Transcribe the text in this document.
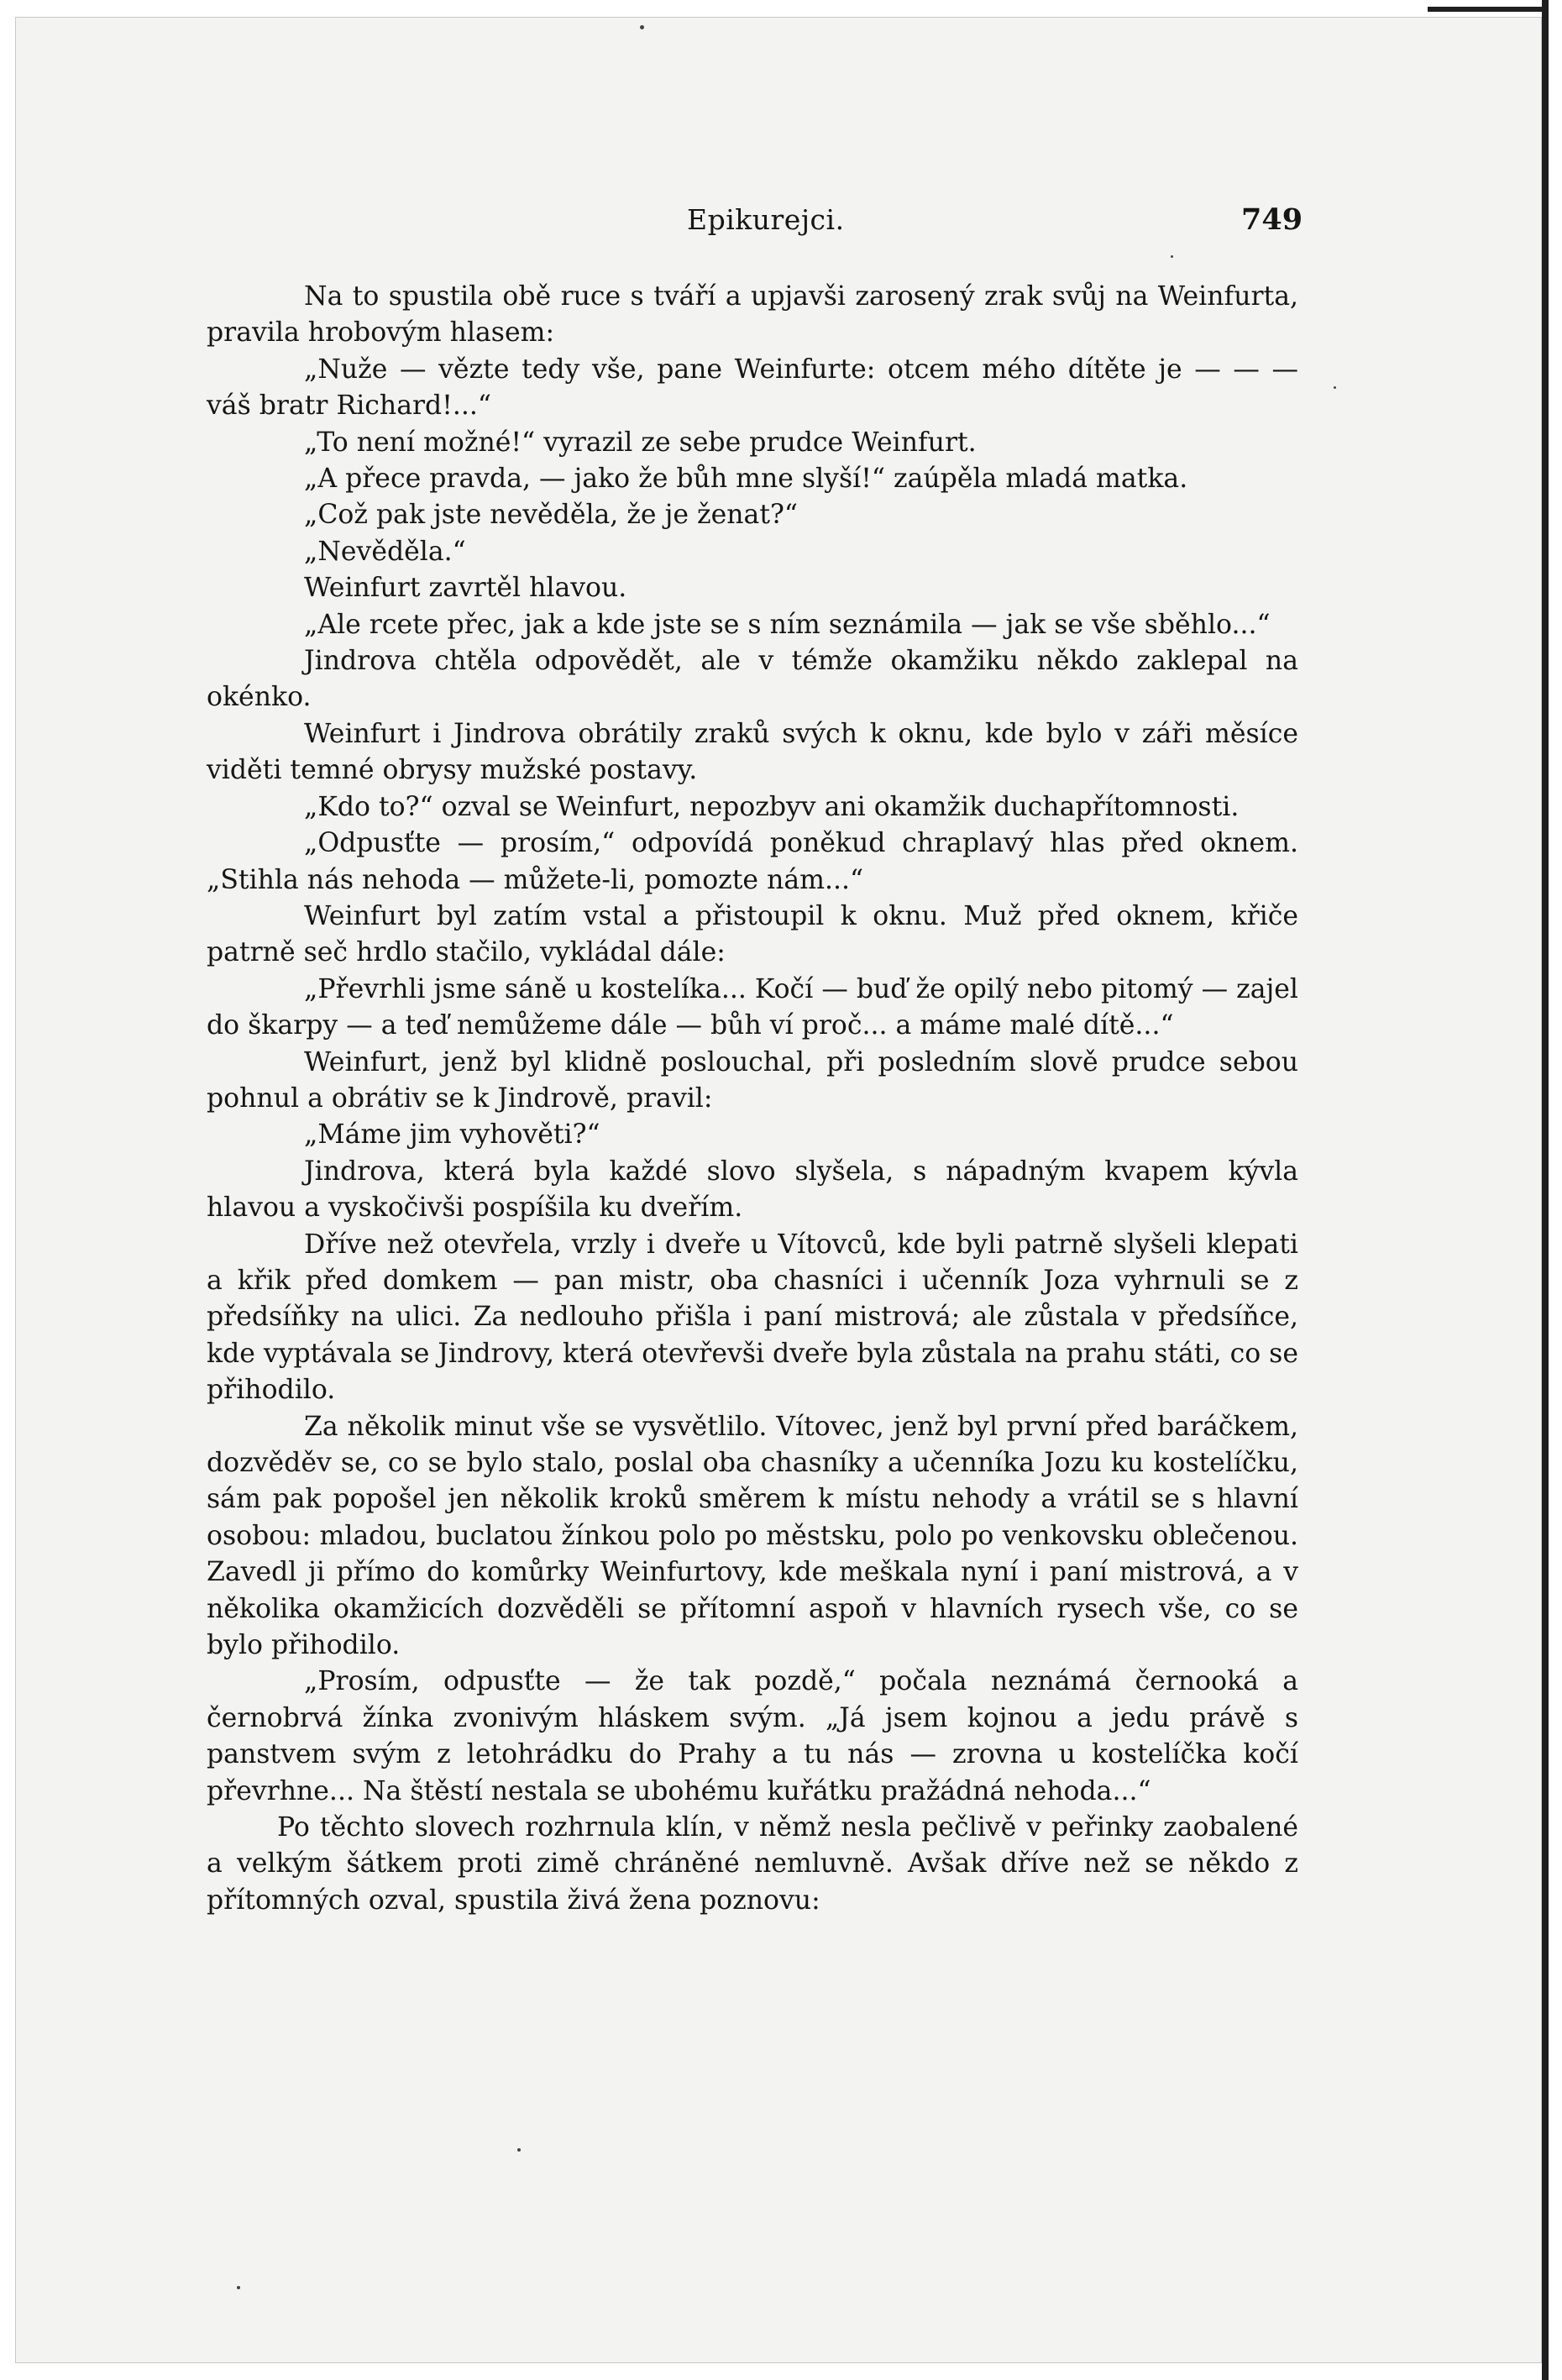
Epikurejci.	749

Na to spustila obě ruce s tváří a upjavši zarosený zrak svůj na Weinfurta, pravila hrobovým hlasem:

„Nuže — vězte tedy vše, pane Weinfurte: otcem mého dítěte je — — — váš bratr Richard!...“

„To není možné!“ vyrazil ze sebe prudce Weinfurt.

„A přece pravda, — jako že bůh mne slyší!“ zaúpěla mladá matka.

„Což pak jste nevěděla, že je ženat?“

„Nevěděla.“

Weinfurt zavrtěl hlavou.

„Ale rcete přec, jak a kde jste se s ním seznámila — jak se vše sběhlo...“

Jindrova chtěla odpovědět, ale v témže okamžiku někdo zaklepal na okénko.

Weinfurt i Jindrova obrátily zraků svých k oknu, kde bylo v záři měsíce viděti temné obrysy mužské postavy.

„Kdo to?“ ozval se Weinfurt, nepozbyv ani okamžik duchapřítomnosti.

„Odpusťte — prosím,“ odpovídá poněkud chraplavý hlas před oknem. „Stihla nás nehoda — můžete-li, pomozte nám...“

Weinfurt byl zatím vstal a přistoupil k oknu. Muž před oknem, křiče patrně seč hrdlo stačilo, vykládal dále:

„Převrhli jsme sáně u kostelíka... Kočí — buď že opilý nebo pitomý — zajel do škarpy — a teď nemůžeme dále — bůh ví proč... a máme malé dítě...“

Weinfurt, jenž byl klidně poslouchal, při posledním slově prudce sebou pohnul a obrátiv se k Jindrově, pravil:

„Máme jim vyhověti?“

Jindrova, která byla každé slovo slyšela, s nápadným kvapem kývla hlavou a vyskočivši pospíšila ku dveřím.

Dříve než otevřela, vrzly i dveře u Vítovců, kde byli patrně slyšeli klepati a křik před domkem — pan mistr, oba chasníci i učenník Joza vyhrnuli se z předsíňky na ulici. Za nedlouho přišla i paní mistrová; ale zůstala v předsíňce, kde vyptávala se Jindrovy, která otevřevši dveře byla zůstala na prahu státi, co se přihodilo.

Za několik minut vše se vysvětlilo. Vítovec, jenž byl první před baráčkem, dozvěděv se, co se bylo stalo, poslal oba chasníky a učenníka Jozu ku kostelíčku, sám pak popošel jen několik kroků směrem k místu nehody a vrátil se s hlavní osobou: mladou, buclatou žínkou polo po městsku, polo po venkovsku oblečenou. Zavedl ji přímo do komůrky Weinfurtovy, kde meškala nyní i paní mistrová, a v několika okamžicích dozvěděli se přítomní aspoň v hlavních rysech vše, co se bylo přihodilo.

„Prosím, odpusťte — že tak pozdě,“ počala neznámá černooká a černobrvá žínka zvonivým hláskem svým. „Já jsem kojnou a jedu právě s panstvem svým z letohrádku do Prahy a tu nás — zrovna u kostelíčka kočí převrhne... Na štěstí nestala se ubohému kuřátku pražádná nehoda...“

Po těchto slovech rozhrnula klín, v němž nesla pečlivě v peřinky zaobalené a velkým šátkem proti zimě chráněné nemluvně. Avšak dříve než se někdo z přítomných ozval, spustila živá žena poznovu:
